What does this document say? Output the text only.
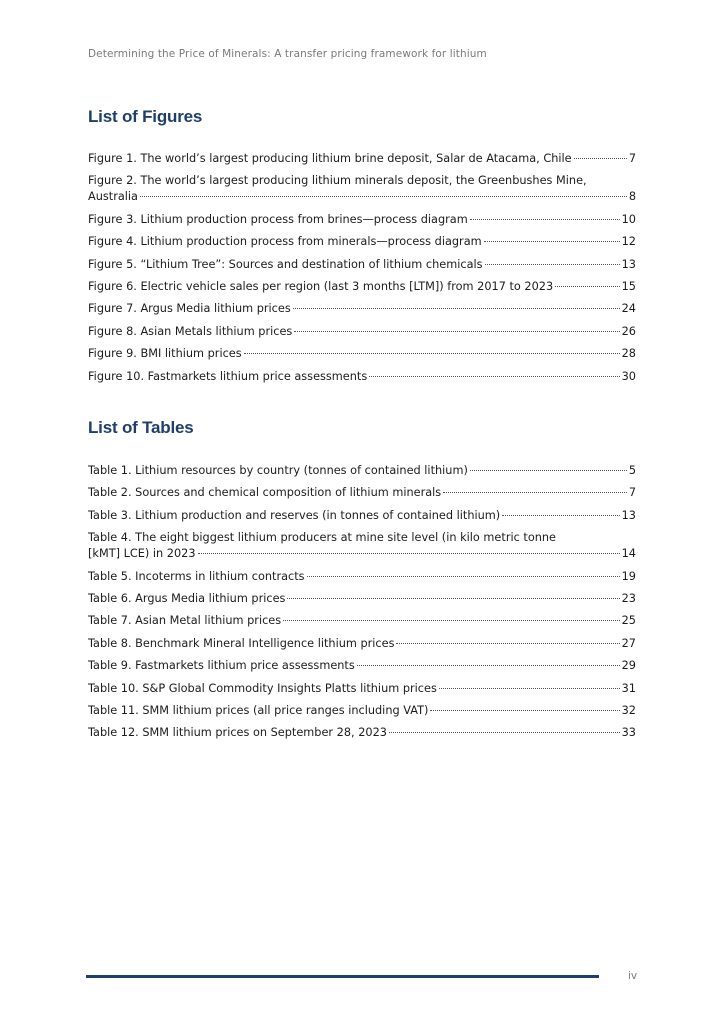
Determining the Price of Minerals: A transfer pricing framework for lithium
List of Figures
Figure 1. The world’s largest producing lithium brine deposit, Salar de Atacama, Chile	7
Figure 2. The world’s largest producing lithium minerals deposit, the Greenbushes Mine,
Australia	8
Figure 3. Lithium production process from brines—process diagram	10
Figure 4. Lithium production process from minerals—process diagram	12
Figure 5. “Lithium Tree”: Sources and destination of lithium chemicals	13
Figure 6. Electric vehicle sales per region (last 3 months [LTM]) from 2017 to 2023	15
Figure 7. Argus Media lithium prices	24
Figure 8. Asian Metals lithium prices	26
Figure 9. BMI lithium prices	28
Figure 10. Fastmarkets lithium price assessments	30
List of Tables
Table 1. Lithium resources by country (tonnes of contained lithium)	5
Table 2. Sources and chemical composition of lithium minerals	7
Table 3. Lithium production and reserves (in tonnes of contained lithium)	13
Table 4. The eight biggest lithium producers at mine site level (in kilo metric tonne
[kMT] LCE) in 2023	14
Table 5. Incoterms in lithium contracts	19
Table 6. Argus Media lithium prices	23
Table 7. Asian Metal lithium prices	25
Table 8. Benchmark Mineral Intelligence lithium prices	27
Table 9. Fastmarkets lithium price assessments	29
Table 10. S&P Global Commodity Insights Platts lithium prices	31
Table 11. SMM lithium prices (all price ranges including VAT)	32
Table 12. SMM lithium prices on September 28, 2023	33
iv
